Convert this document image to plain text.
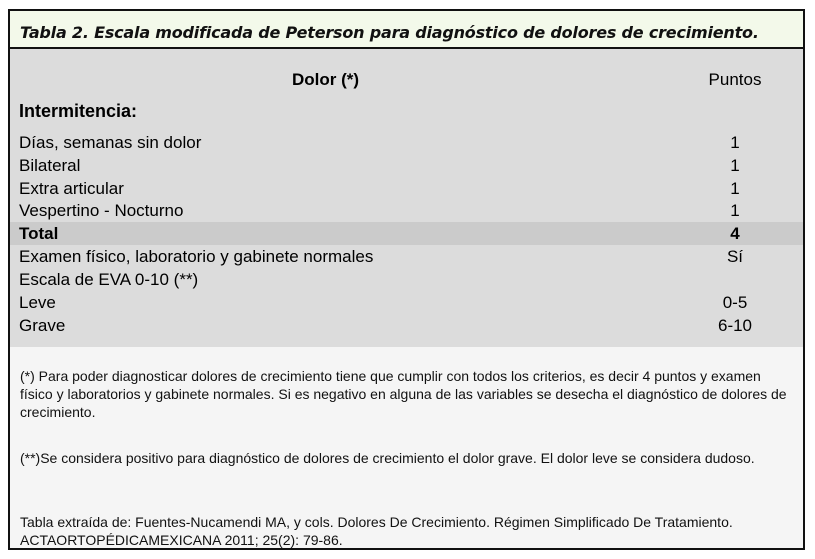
Tabla 2. Escala modificada de Peterson para diagnóstico de dolores de crecimiento.
Dolor (*)	Puntos
Intermitencia:
Días, semanas sin dolor	1
Bilateral	1
Extra articular	1
Vespertino - Nocturno	1
Total	4
Examen físico, laboratorio y gabinete normales	Sí
Escala de EVA 0-10 (**)
Leve	0-5
Grave	6-10
(*) Para poder diagnosticar dolores de crecimiento tiene que cumplir con todos los criterios, es decir 4 puntos y examen físico y laboratorios y gabinete normales. Si es negativo en alguna de las variables se desecha el diagnóstico de dolores de crecimiento.
(**)Se considera positivo para diagnóstico de dolores de crecimiento el dolor grave. El dolor leve se considera dudoso.
Tabla extraída de: Fuentes-Nucamendi MA, y cols. Dolores De Crecimiento. Régimen Simplificado De Tratamiento. ACTAORTOPÉDICAMEXICANA 2011; 25(2): 79-86.
